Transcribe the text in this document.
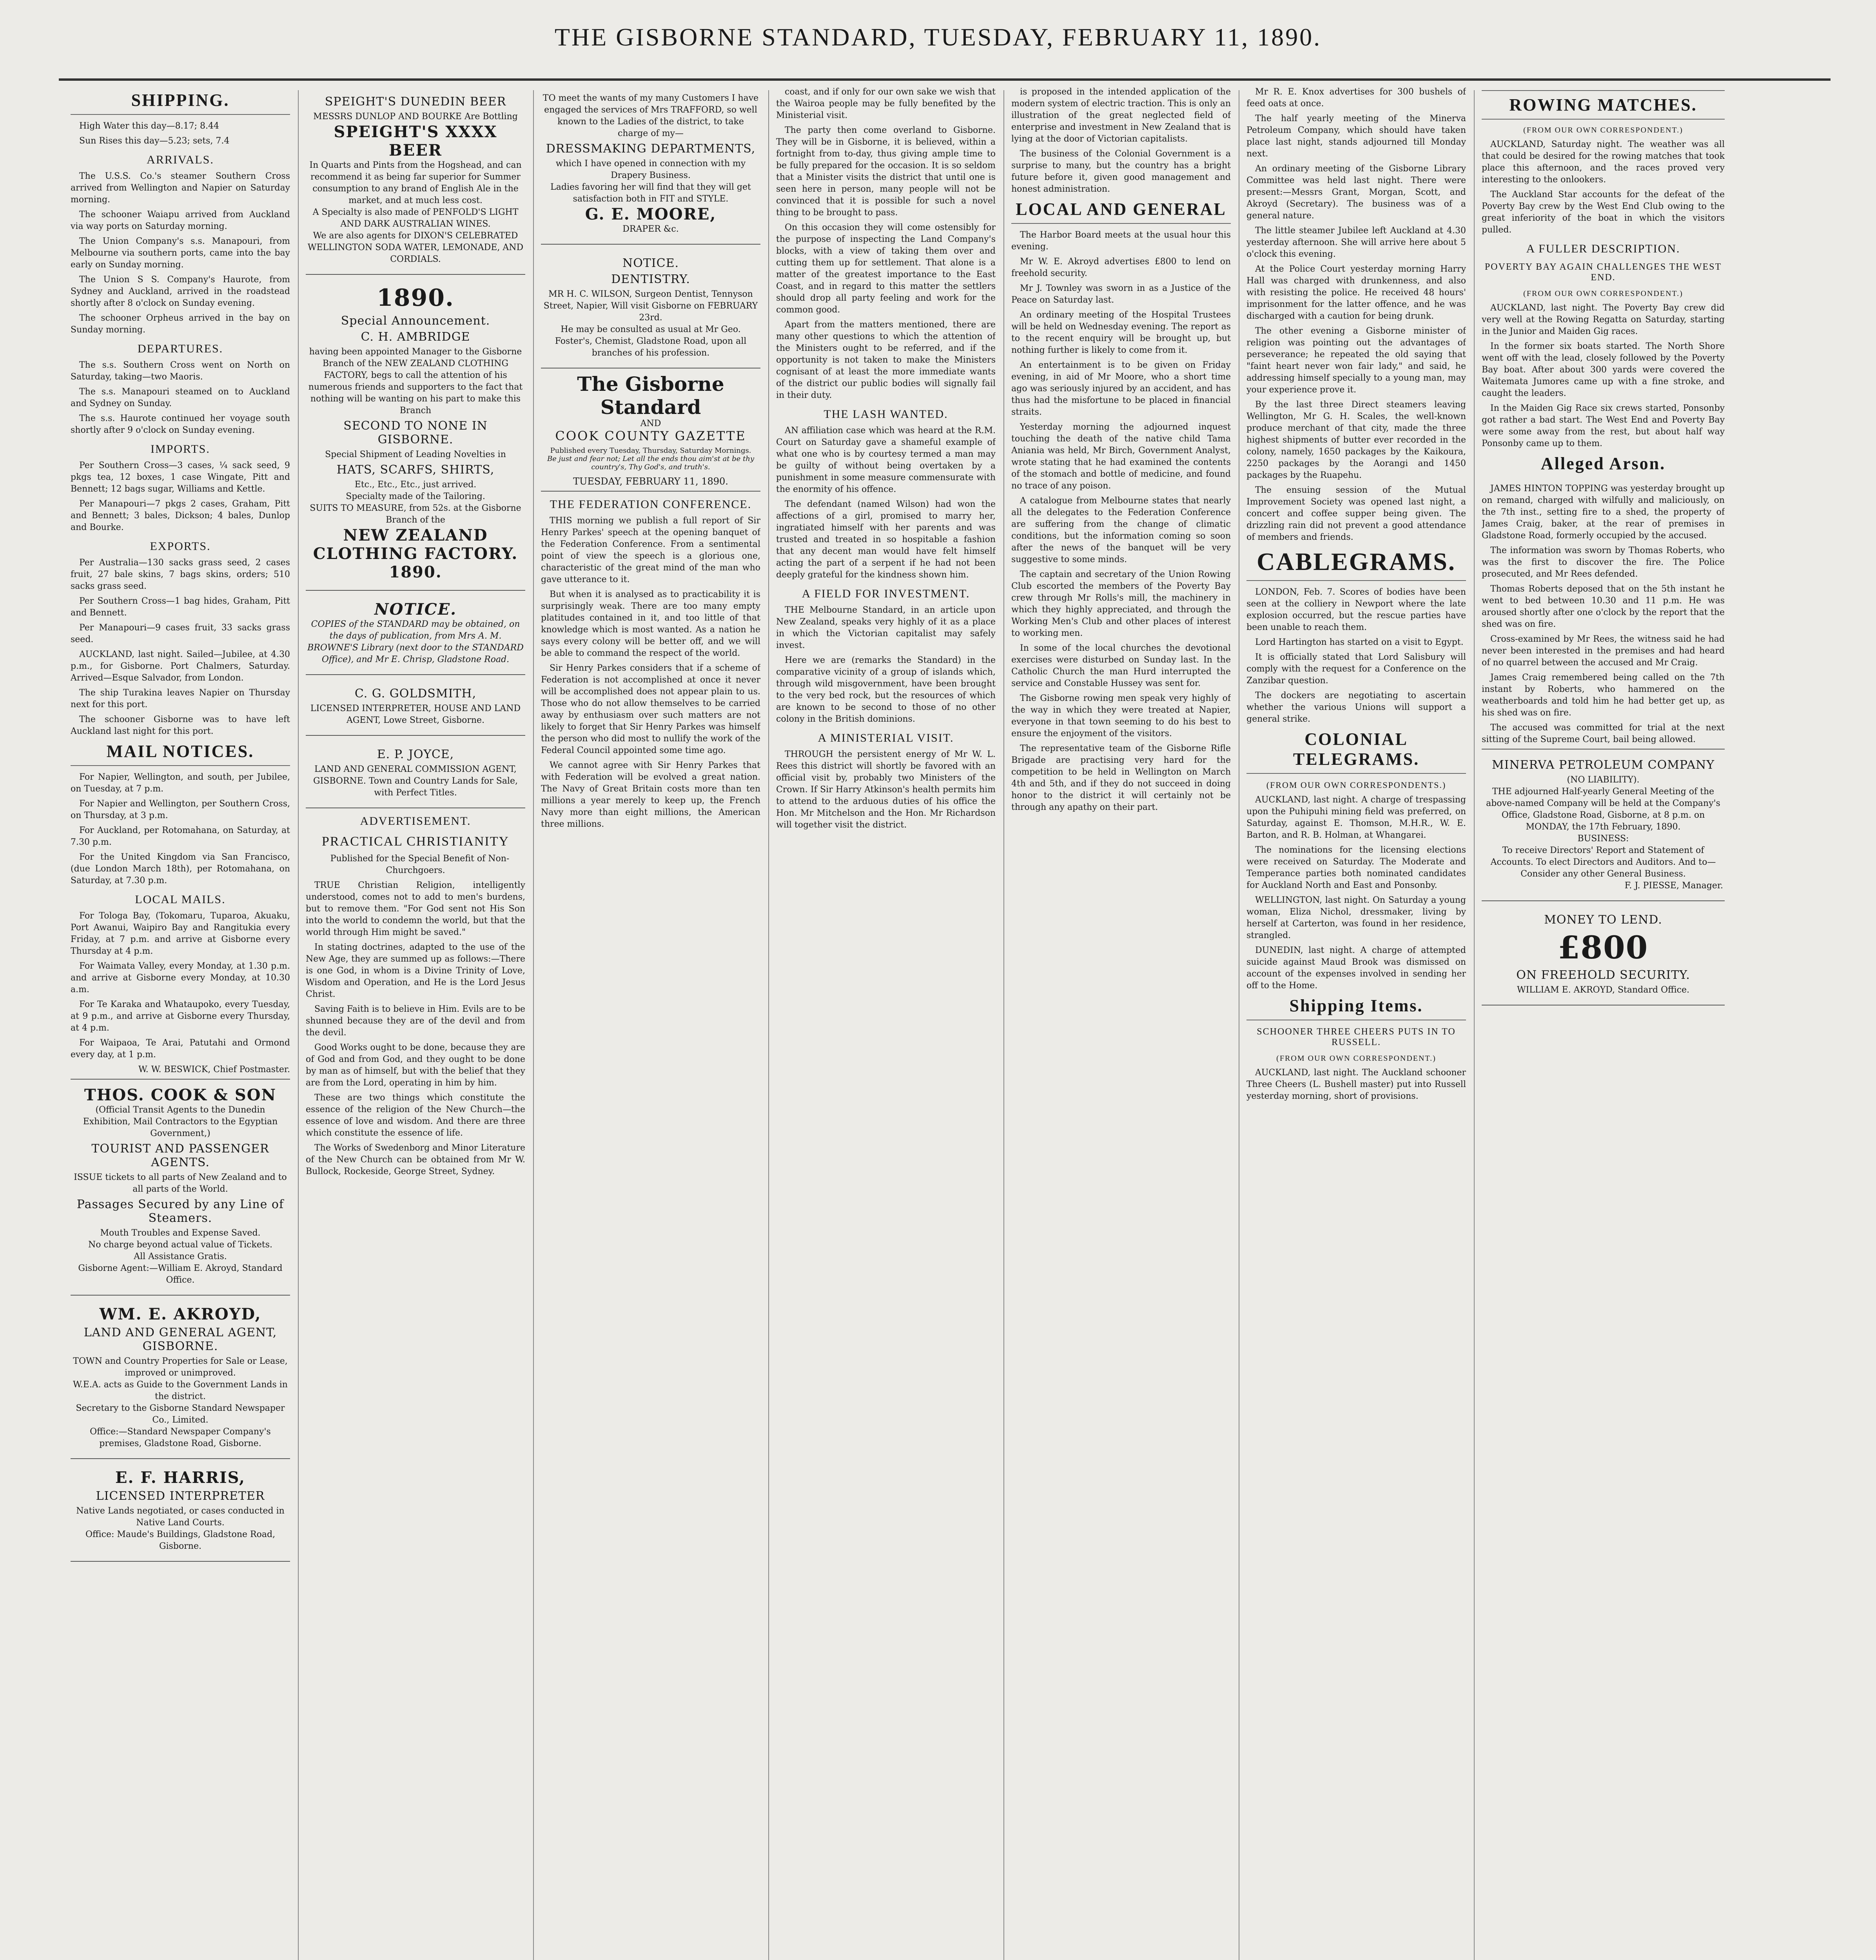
THE GISBORNE STANDARD, TUESDAY, FEBRUARY 11, 1890.
SHIPPING.

High Water this day—8.17; 8.44

Sun Rises this day—5.23; sets, 7.4

ARRIVALS.

The U.S.S. Co.'s steamer Southern Cross arrived from Wellington and Napier on Saturday morning.

The schooner Waiapu arrived from Auckland via way ports on Saturday morning.

The Union Company's s.s. Manapouri, from Melbourne via southern ports, came into the bay early on Sunday morning.

The Union S S. Company's Haurote, from Sydney and Auckland, arrived in the roadstead shortly after 8 o'clock on Sunday evening.

The schooner Orpheus arrived in the bay on Sunday morning.

DEPARTURES.

The s.s. Southern Cross went on North on Saturday, taking—two Maoris.

The s.s. Manapouri steamed on to Auckland and Sydney on Sunday.

The s.s. Haurote continued her voyage south shortly after 9 o'clock on Sunday evening.

IMPORTS.

Per Southern Cross—3 cases, ¼ sack seed, 9 pkgs tea, 12 boxes, 1 case Wingate, Pitt and Bennett; 12 bags sugar, Williams and Kettle.

Per Manapouri—7 pkgs 2 cases, Graham, Pitt and Bennett; 3 bales, Dickson; 4 bales, Dunlop and Bourke.

EXPORTS.

Per Australia—130 sacks grass seed, 2 cases fruit, 27 bale skins, 7 bags skins, orders; 510 sacks grass seed.

Per Southern Cross—1 bag hides, Graham, Pitt and Bennett.

Per Manapouri—9 cases fruit, 33 sacks grass seed.

AUCKLAND, last night. Sailed—Jubilee, at 4.30 p.m., for Gisborne. Port Chalmers, Saturday. Arrived—Esque Salvador, from London.

The ship Turakina leaves Napier on Thursday next for this port.

The schooner Gisborne was to have left Auckland last night for this port.

MAIL NOTICES.

For Napier, Wellington, and south, per Jubilee, on Tuesday, at 7 p.m.

For Napier and Wellington, per Southern Cross, on Thursday, at 3 p.m.

For Auckland, per Rotomahana, on Saturday, at 7.30 p.m.

For the United Kingdom via San Francisco, (due London March 18th), per Rotomahana, on Saturday, at 7.30 p.m.

LOCAL MAILS.

For Tologa Bay, (Tokomaru, Tuparoa, Akuaku, Port Awanui, Waipiro Bay and Rangitukia every Friday, at 7 p.m. and arrive at Gisborne every Thursday at 4 p.m.

For Waimata Valley, every Monday, at 1.30 p.m. and arrive at Gisborne every Monday, at 10.30 a.m.

For Te Karaka and Whataupoko, every Tuesday, at 9 p.m., and arrive at Gisborne every Thursday, at 4 p.m.

For Waipaoa, Te Arai, Patutahi and Ormond every day, at 1 p.m.

W. W. BESWICK, Chief Postmaster.

THOS. COOK & SON
(Official Transit Agents to the Dunedin Exhibition, Mail Contractors to the Egyptian Government,)
TOURIST AND PASSENGER AGENTS.
ISSUE tickets to all parts of New Zealand and to all parts of the World.
Passages Secured by any Line of Steamers.
Mouth Troubles and Expense Saved.
No charge beyond actual value of Tickets.
All Assistance Gratis.
Gisborne Agent:—William E. Akroyd, Standard Office.
WM. E. AKROYD,
LAND AND GENERAL AGENT, GISBORNE.
TOWN and Country Properties for Sale or Lease, improved or unimproved.
W.E.A. acts as Guide to the Government Lands in the district.
Secretary to the Gisborne Standard Newspaper Co., Limited.
Office:—Standard Newspaper Company's premises, Gladstone Road, Gisborne.
E. F. HARRIS,
LICENSED INTERPRETER
Native Lands negotiated, or cases conducted in Native Land Courts.
Office: Maude's Buildings, Gladstone Road, Gisborne.
SPEIGHT'S DUNEDIN BEER
MESSRS DUNLOP AND BOURKE Are Bottling
SPEIGHT'S XXXX BEER
In Quarts and Pints from the Hogshead, and can recommend it as being far superior for Summer consumption to any brand of English Ale in the market, and at much less cost.
A Specialty is also made of PENFOLD'S LIGHT AND DARK AUSTRALIAN WINES.
We are also agents for DIXON'S CELEBRATED WELLINGTON SODA WATER, LEMONADE, AND CORDIALS.
1890.
Special Announcement.
C. H. AMBRIDGE
having been appointed Manager to the Gisborne Branch of the NEW ZEALAND CLOTHING FACTORY, begs to call the attention of his numerous friends and supporters to the fact that nothing will be wanting on his part to make this Branch
SECOND TO NONE IN GISBORNE.
Special Shipment of Leading Novelties in
HATS, SCARFS, SHIRTS,
Etc., Etc., Etc., just arrived.
Specialty made of the Tailoring.
SUITS TO MEASURE, from 52s. at the Gisborne Branch of the
NEW ZEALAND CLOTHING FACTORY.
1890.
NOTICE.
COPIES of the STANDARD may be obtained, on the days of publication, from Mrs A. M. BROWNE'S Library (next door to the STANDARD Office), and Mr E. Chrisp, Gladstone Road.
C. G. GOLDSMITH,
LICENSED INTERPRETER, HOUSE AND LAND AGENT, Lowe Street, Gisborne.
E. P. JOYCE,
LAND AND GENERAL COMMISSION AGENT, GISBORNE. Town and Country Lands for Sale, with Perfect Titles.
ADVERTISEMENT.
PRACTICAL CHRISTIANITY

Published for the Special Benefit of Non-Churchgoers.

TRUE Christian Religion, intelligently understood, comes not to add to men's burdens, but to remove them. "For God sent not His Son into the world to condemn the world, but that the world through Him might be saved."

In stating doctrines, adapted to the use of the New Age, they are summed up as follows:—There is one God, in whom is a Divine Trinity of Love, Wisdom and Operation, and He is the Lord Jesus Christ.

Saving Faith is to believe in Him. Evils are to be shunned because they are of the devil and from the devil.

Good Works ought to be done, because they are of God and from God, and they ought to be done by man as of himself, but with the belief that they are from the Lord, operating in him by him.

These are two things which constitute the essence of the religion of the New Church—the essence of love and wisdom. And there are three which constitute the essence of life.

The Works of Swedenborg and Minor Literature of the New Church can be obtained from Mr W. Bullock, Rockeside, George Street, Sydney.

TO meet the wants of my many Customers I have engaged the services of Mrs TRAFFORD, so well known to the Ladies of the district, to take charge of my—
DRESSMAKING DEPARTMENTS,
which I have opened in connection with my Drapery Business.
Ladies favoring her will find that they will get satisfaction both in FIT and STYLE.
G. E. MOORE,
DRAPER &c.
NOTICE.
DENTISTRY.
MR H. C. WILSON, Surgeon Dentist, Tennyson Street, Napier, Will visit Gisborne on FEBRUARY 23rd.
He may be consulted as usual at Mr Geo. Foster's, Chemist, Gladstone Road, upon all branches of his profession.
The Gisborne Standard
AND
COOK COUNTY GAZETTE
Published every Tuesday, Thursday, Saturday Mornings.
Be just and fear not; Let all the ends thou aim'st at be thy country's, Thy God's, and truth's.
TUESDAY, FEBRUARY 11, 1890.
THE FEDERATION CONFERENCE.

THIS morning we publish a full report of Sir Henry Parkes' speech at the opening banquet of the Federation Conference. From a sentimental point of view the speech is a glorious one, characteristic of the great mind of the man who gave utterance to it.

But when it is analysed as to practicability it is surprisingly weak. There are too many empty platitudes contained in it, and too little of that knowledge which is most wanted. As a nation he says every colony will be better off, and we will be able to command the respect of the world.

Sir Henry Parkes considers that if a scheme of Federation is not accomplished at once it never will be accomplished does not appear plain to us. Those who do not allow themselves to be carried away by enthusiasm over such matters are not likely to forget that Sir Henry Parkes was himself the person who did most to nullify the work of the Federal Council appointed some time ago.

We cannot agree with Sir Henry Parkes that with Federation will be evolved a great nation. The Navy of Great Britain costs more than ten millions a year merely to keep up, the French Navy more than eight millions, the American three millions.

coast, and if only for our own sake we wish that the Wairoa people may be fully benefited by the Ministerial visit.

The party then come overland to Gisborne. They will be in Gisborne, it is believed, within a fortnight from to-day, thus giving ample time to be fully prepared for the occasion. It is so seldom that a Minister visits the district that until one is seen here in person, many people will not be convinced that it is possible for such a novel thing to be brought to pass.

On this occasion they will come ostensibly for the purpose of inspecting the Land Company's blocks, with a view of taking them over and cutting them up for settlement. That alone is a matter of the greatest importance to the East Coast, and in regard to this matter the settlers should drop all party feeling and work for the common good.

Apart from the matters mentioned, there are many other questions to which the attention of the Ministers ought to be referred, and if the opportunity is not taken to make the Ministers cognisant of at least the more immediate wants of the district our public bodies will signally fail in their duty.

THE LASH WANTED.

AN affiliation case which was heard at the R.M. Court on Saturday gave a shameful example of what one who is by courtesy termed a man may be guilty of without being overtaken by a punishment in some measure commensurate with the enormity of his offence.

The defendant (named Wilson) had won the affections of a girl, promised to marry her, ingratiated himself with her parents and was trusted and treated in so hospitable a fashion that any decent man would have felt himself acting the part of a serpent if he had not been deeply grateful for the kindness shown him.

A FIELD FOR INVESTMENT.

THE Melbourne Standard, in an article upon New Zealand, speaks very highly of it as a place in which the Victorian capitalist may safely invest.

Here we are (remarks the Standard) in the comparative vicinity of a group of islands which, through wild misgovernment, have been brought to the very bed rock, but the resources of which are known to be second to those of no other colony in the British dominions.

A MINISTERIAL VISIT.

THROUGH the persistent energy of Mr W. L. Rees this district will shortly be favored with an official visit by, probably two Ministers of the Crown. If Sir Harry Atkinson's health permits him to attend to the arduous duties of his office the Hon. Mr Mitchelson and the Hon. Mr Richardson will together visit the district.

is proposed in the intended application of the modern system of electric traction. This is only an illustration of the great neglected field of enterprise and investment in New Zealand that is lying at the door of Victorian capitalists.

The business of the Colonial Government is a surprise to many, but the country has a bright future before it, given good management and honest administration.

LOCAL AND GENERAL

The Harbor Board meets at the usual hour this evening.

Mr W. E. Akroyd advertises £800 to lend on freehold security.

Mr J. Townley was sworn in as a Justice of the Peace on Saturday last.

An ordinary meeting of the Hospital Trustees will be held on Wednesday evening. The report as to the recent enquiry will be brought up, but nothing further is likely to come from it.

An entertainment is to be given on Friday evening, in aid of Mr Moore, who a short time ago was seriously injured by an accident, and has thus had the misfortune to be placed in financial straits.

Yesterday morning the adjourned inquest touching the death of the native child Tama Aniania was held, Mr Birch, Government Analyst, wrote stating that he had examined the contents of the stomach and bottle of medicine, and found no trace of any poison.

A catalogue from Melbourne states that nearly all the delegates to the Federation Conference are suffering from the change of climatic conditions, but the information coming so soon after the news of the banquet will be very suggestive to some minds.

The captain and secretary of the Union Rowing Club escorted the members of the Poverty Bay crew through Mr Rolls's mill, the machinery in which they highly appreciated, and through the Working Men's Club and other places of interest to working men.

In some of the local churches the devotional exercises were disturbed on Sunday last. In the Catholic Church the man Hurd interrupted the service and Constable Hussey was sent for.

The Gisborne rowing men speak very highly of the way in which they were treated at Napier, everyone in that town seeming to do his best to ensure the enjoyment of the visitors.

The representative team of the Gisborne Rifle Brigade are practising very hard for the competition to be held in Wellington on March 4th and 5th, and if they do not succeed in doing honor to the district it will certainly not be through any apathy on their part.

Mr R. E. Knox advertises for 300 bushels of feed oats at once.

The half yearly meeting of the Minerva Petroleum Company, which should have taken place last night, stands adjourned till Monday next.

An ordinary meeting of the Gisborne Library Committee was held last night. There were present:—Messrs Grant, Morgan, Scott, and Akroyd (Secretary). The business was of a general nature.

The little steamer Jubilee left Auckland at 4.30 yesterday afternoon. She will arrive here about 5 o'clock this evening.

At the Police Court yesterday morning Harry Hall was charged with drunkenness, and also with resisting the police. He received 48 hours' imprisonment for the latter offence, and he was discharged with a caution for being drunk.

The other evening a Gisborne minister of religion was pointing out the advantages of perseverance; he repeated the old saying that "faint heart never won fair lady," and said, he addressing himself specially to a young man, may your experience prove it.

By the last three Direct steamers leaving Wellington, Mr G. H. Scales, the well-known produce merchant of that city, made the three highest shipments of butter ever recorded in the colony, namely, 1650 packages by the Kaikoura, 2250 packages by the Aorangi and 1450 packages by the Ruapehu.

The ensuing session of the Mutual Improvement Society was opened last night, a concert and coffee supper being given. The drizzling rain did not prevent a good attendance of members and friends.

CABLEGRAMS.

LONDON, Feb. 7. Scores of bodies have been seen at the colliery in Newport where the late explosion occurred, but the rescue parties have been unable to reach them.

Lord Hartington has started on a visit to Egypt.

It is officially stated that Lord Salisbury will comply with the request for a Conference on the Zanzibar question.

The dockers are negotiating to ascertain whether the various Unions will support a general strike.

COLONIAL TELEGRAMS.
(FROM OUR OWN CORRESPONDENTS.)

AUCKLAND, last night. A charge of trespassing upon the Puhipuhi mining field was preferred, on Saturday, against E. Thomson, M.H.R., W. E. Barton, and R. B. Holman, at Whangarei.

The nominations for the licensing elections were received on Saturday. The Moderate and Temperance parties both nominated candidates for Auckland North and East and Ponsonby.

WELLINGTON, last night. On Saturday a young woman, Eliza Nichol, dressmaker, living by herself at Carterton, was found in her residence, strangled.

DUNEDIN, last night. A charge of attempted suicide against Maud Brook was dismissed on account of the expenses involved in sending her off to the Home.

Shipping Items.
SCHOONER THREE CHEERS PUTS IN TO RUSSELL.
(FROM OUR OWN CORRESPONDENT.)

AUCKLAND, last night. The Auckland schooner Three Cheers (L. Bushell master) put into Russell yesterday morning, short of provisions.

ROWING MATCHES.
(FROM OUR OWN CORRESPONDENT.)

AUCKLAND, Saturday night. The weather was all that could be desired for the rowing matches that took place this afternoon, and the races proved very interesting to the onlookers.

The Auckland Star accounts for the defeat of the Poverty Bay crew by the West End Club owing to the great inferiority of the boat in which the visitors pulled.

A FULLER DESCRIPTION.
POVERTY BAY AGAIN CHALLENGES THE WEST END.
(FROM OUR OWN CORRESPONDENT.)

AUCKLAND, last night. The Poverty Bay crew did very well at the Rowing Regatta on Saturday, starting in the Junior and Maiden Gig races.

In the former six boats started. The North Shore went off with the lead, closely followed by the Poverty Bay boat. After about 300 yards were covered the Waitemata Jumores came up with a fine stroke, and caught the leaders.

In the Maiden Gig Race six crews started, Ponsonby got rather a bad start. The West End and Poverty Bay were some away from the rest, but about half way Ponsonby came up to them.

Alleged Arson.

JAMES HINTON TOPPING was yesterday brought up on remand, charged with wilfully and maliciously, on the 7th inst., setting fire to a shed, the property of James Craig, baker, at the rear of premises in Gladstone Road, formerly occupied by the accused.

The information was sworn by Thomas Roberts, who was the first to discover the fire. The Police prosecuted, and Mr Rees defended.

Thomas Roberts deposed that on the 5th instant he went to bed between 10.30 and 11 p.m. He was aroused shortly after one o'clock by the report that the shed was on fire.

Cross-examined by Mr Rees, the witness said he had never been interested in the premises and had heard of no quarrel between the accused and Mr Craig.

James Craig remembered being called on the 7th instant by Roberts, who hammered on the weatherboards and told him he had better get up, as his shed was on fire.

The accused was committed for trial at the next sitting of the Supreme Court, bail being allowed.

MINERVA PETROLEUM COMPANY
(NO LIABILITY).
THE adjourned Half-yearly General Meeting of the above-named Company will be held at the Company's Office, Gladstone Road, Gisborne, at 8 p.m. on MONDAY, the 17th February, 1890.
BUSINESS:
To receive Directors' Report and Statement of Accounts. To elect Directors and Auditors. And to— Consider any other General Business.
F. J. PIESSE, Manager.
MONEY TO LEND.
£800
ON FREEHOLD SECURITY.
WILLIAM E. AKROYD, Standard Office.
